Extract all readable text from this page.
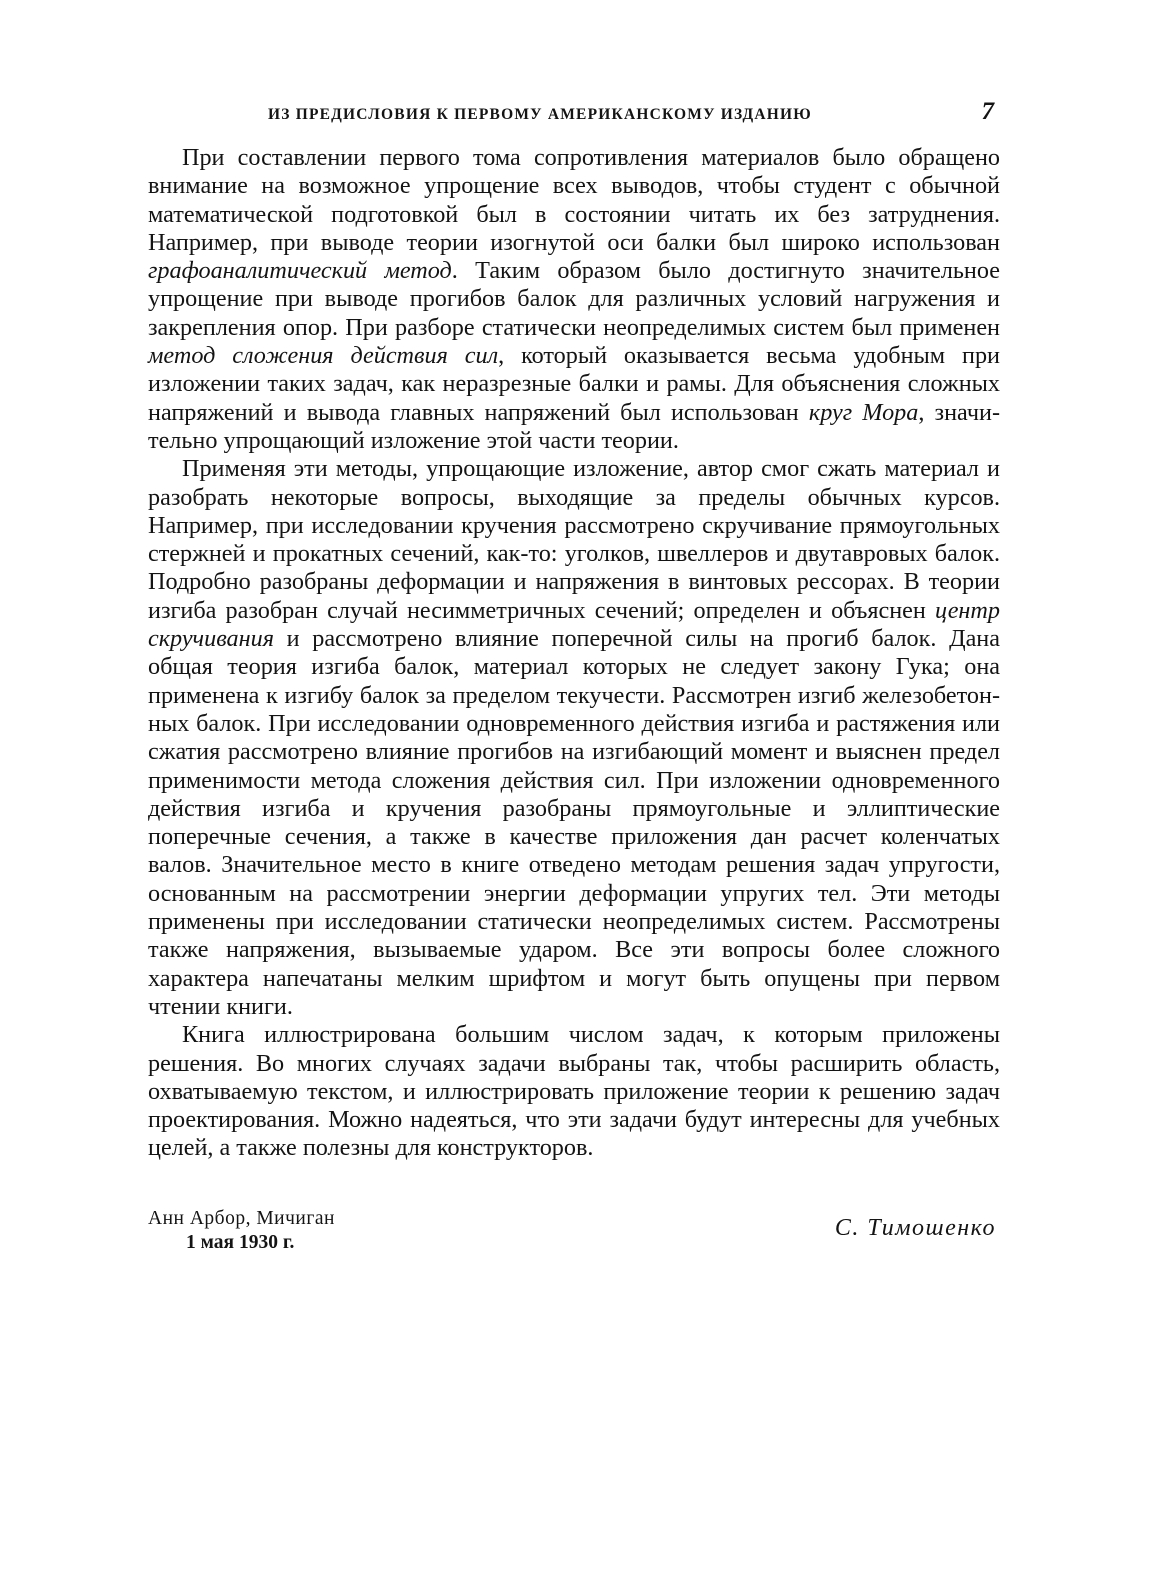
ИЗ ПРЕДИСЛОВИЯ К ПЕРВОМУ АМЕРИКАНСКОМУ ИЗДАНИЮ	7

При составлении первого тома сопротивления материалов было обращено внимание на возможное упрощение всех выводов, чтобы студент с обычной математической подготовкой был в состоянии читать их без затруднения. Например, при выводе теории изогнутой оси балки был широко использован графоаналитический метод. Таким образом было достигнуто значительное упрощение при выводе прогибов балок для различных условий нагружения и закрепления опор. При разборе статически неопределимых систем был применен метод сложения действия сил, который оказывается весьма удобным при изложении таких задач, как неразрезные балки и рамы. Для объяснения сложных напряжений и вывода главных напряжений был использован круг Мора, значительно упрощающий изложение этой части теории.

Применяя эти методы, упрощающие изложение, автор смог сжать материал и разобрать некоторые вопросы, выходящие за пределы обычных курсов. Например, при исследовании кручения рассмотрено скручивание прямоугольных стержней и прокатных сечений, как-то: уголков, швеллеров и двутавровых балок. Подробно разобраны деформации и напряжения в винтовых рессорах. В теории изгиба разобран случай несимметричных сечений; определен и объяснен центр скручивания и рассмотрено влияние поперечной силы на прогиб балок. Дана общая теория изгиба балок, материал которых не следует закону Гука; она применена к изгибу балок за пределом текучести. Рассмотрен изгиб железобетонных балок. При исследовании одновременного действия изгиба и растяжения или сжатия рассмотрено влияние прогибов на изгибающий момент и выяснен предел применимости метода сложения действия сил. При изложении одновременного действия изгиба и кручения разобраны прямоугольные и эллиптические поперечные сечения, а также в качестве приложения дан расчет коленчатых валов. Значительное место в книге отведено методам решения задач упругости, основанным на рассмотрении энергии деформации упругих тел. Эти методы применены при исследовании статически неопределимых систем. Рассмотрены также напряжения, вызываемые ударом. Все эти вопросы более сложного характера напечатаны мелким шрифтом и могут быть опущены при первом чтении книги.

Книга иллюстрирована большим числом задач, к которым приложены решения. Во многих случаях задачи выбраны так, чтобы расширить область, охватываемую текстом, и иллюстрировать приложение теории к решению задач проектирования. Можно надеяться, что эти задачи будут интересны для учебных целей, а также полезны для конструкторов.

Анн Арбор, Мичиган
1 мая 1930 г.
С. Тимошенко
